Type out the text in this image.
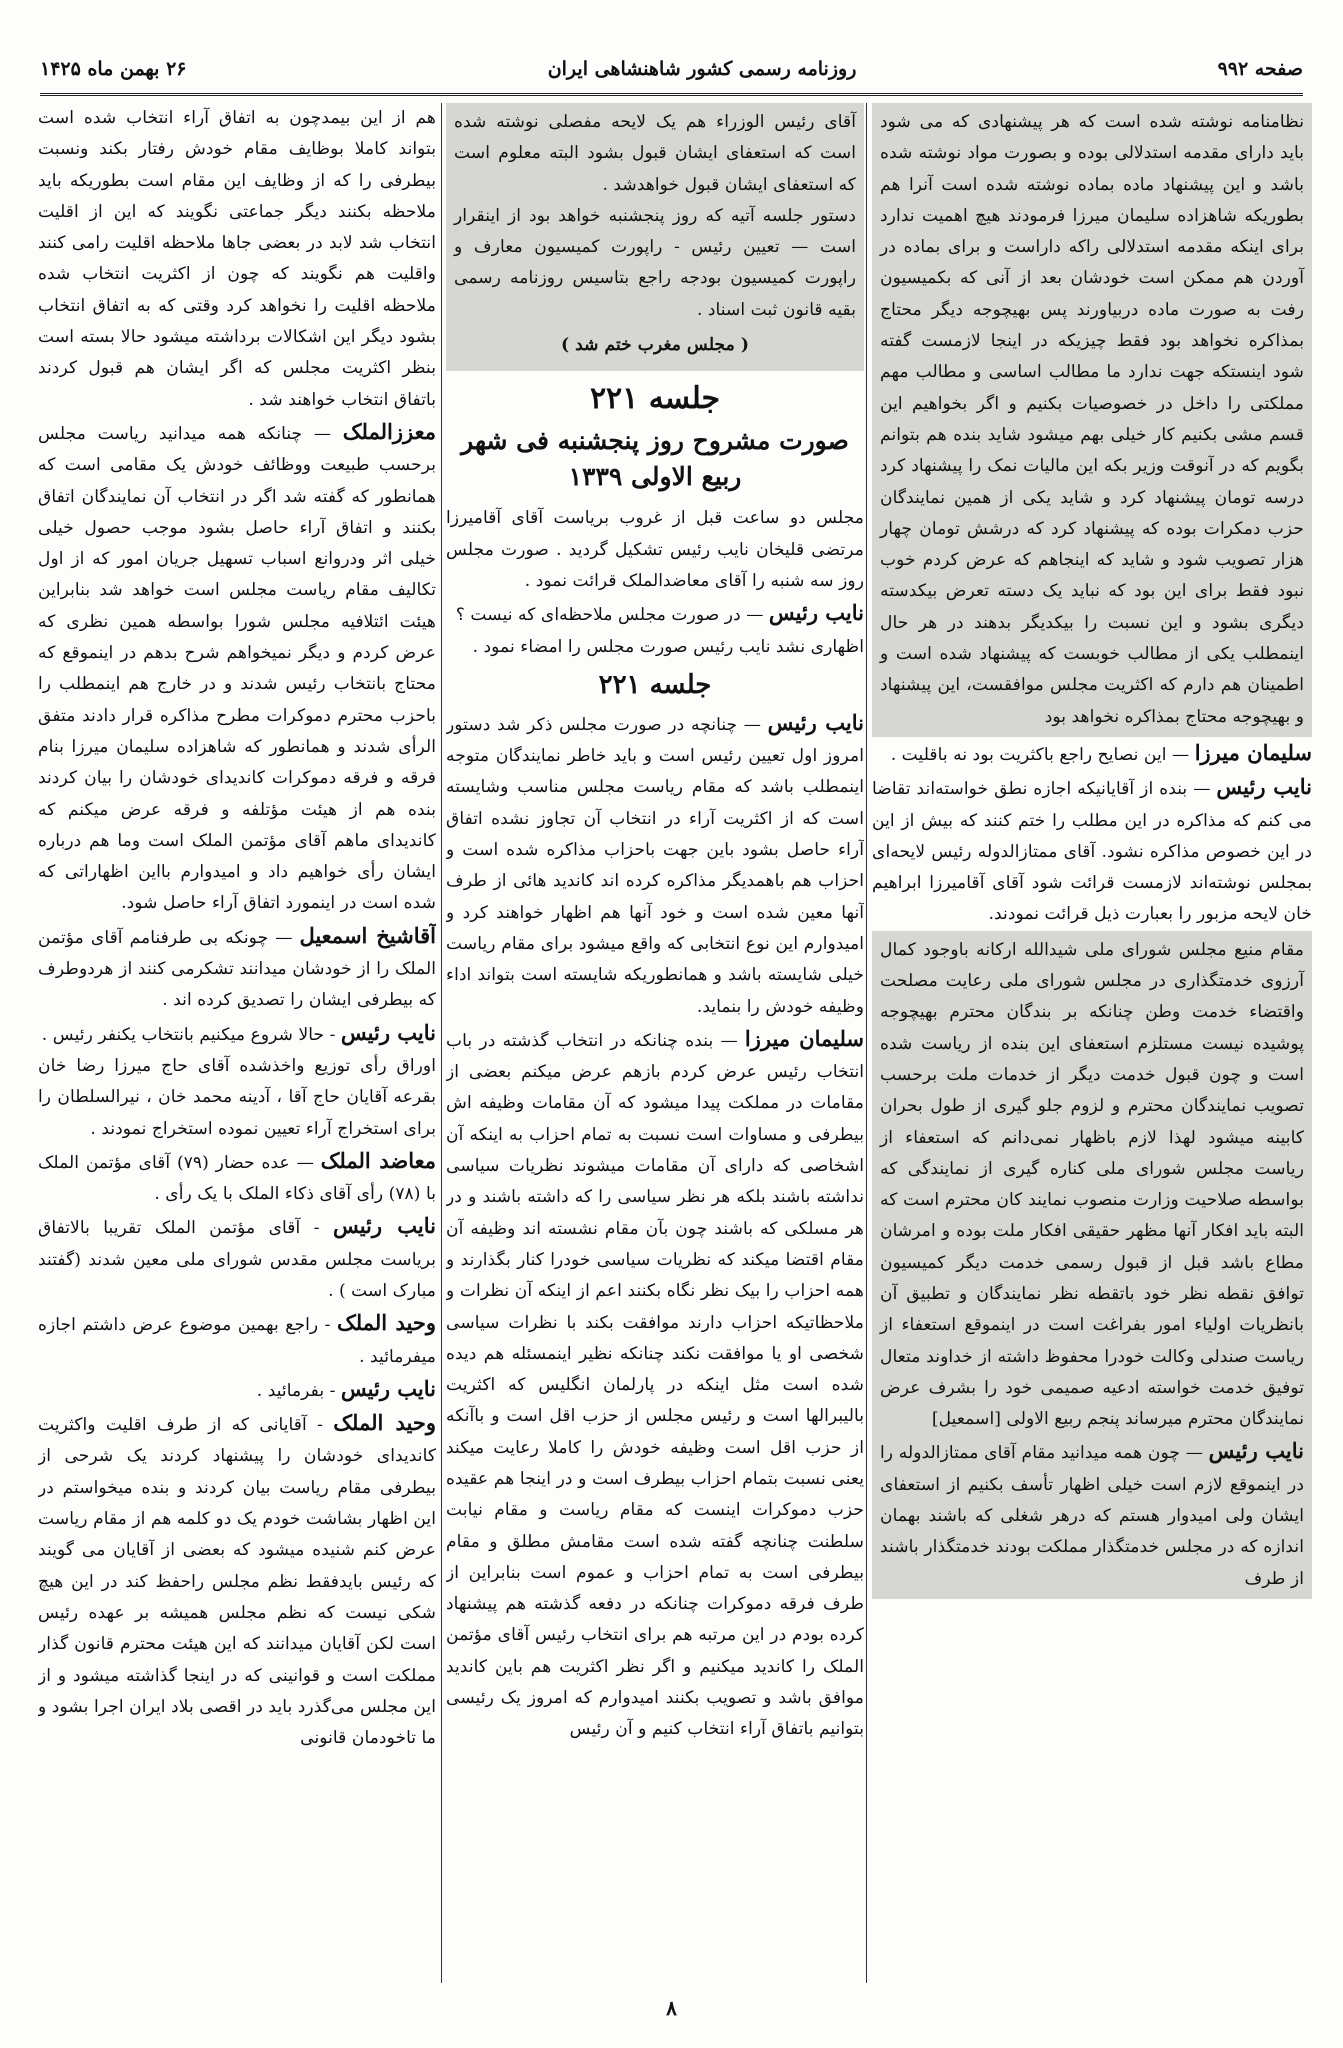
صفحه ۹۹۲
روزنامه رسمی کشور شاهنشاهی ایران
۲۶ بهمن ماه ۱۴۲۵

نظامنامه نوشته شده است که هر پیشنهادی که می شود باید دارای مقدمه استدلالی بوده و بصورت مواد نوشته شده باشد و این پیشنهاد ماده بماده نوشته شده است آنرا هم بطوریکه شاهزاده سلیمان میرزا فرمودند هیچ اهمیت ندارد برای اینکه مقدمه استدلالی راکه داراست و برای بماده در آوردن هم ممکن است خودشان بعد از آنی که بکمیسیون رفت به صورت ماده دربیاورند پس بهیچوجه دیگر محتاج بمذاکره نخواهد بود فقط چیزیکه در اینجا لازمست گفته شود اینستکه جهت ندارد ما مطالب اساسی و مطالب مهم مملکتی را داخل در خصوصیات بکنیم و اگر بخواهیم این قسم مشی بکنیم کار خیلی بهم میشود شاید بنده هم بتوانم بگویم که در آنوقت وزیر بکه این مالیات نمک را پیشنهاد کرد درسه تومان پیشنهاد کرد و شاید یکی از همین نمایندگان حزب دمکرات بوده که پیشنهاد کرد که درشش تومان چهار هزار تصویب شود و شاید که اینجاهم که عرض کردم خوب نبود فقط برای این بود که نباید یک دسته تعرض بیکدسته دیگری بشود و این نسبت را بیکدیگر بدهند در هر حال اینمطلب یکی از مطالب خوبست که پیشنهاد شده است و اطمینان هم دارم که اکثریت مجلس موافقست، این پیشنهاد و بهیچوجه محتاج بمذاکره نخواهد بود

سلیمان میرزا — این نصایح راجع باکثریت بود نه باقلیت .

نایب رئیس — بنده از آقایانیکه اجازه نطق خواسته‌اند تقاضا می کنم که مذاکره در این مطلب را ختم کنند که بیش از این در این خصوص مذاکره نشود. آقای ممتازالدوله رئیس لایحه‌ای بمجلس نوشته‌اند لازمست قرائت شود آقای آقامیرزا ابراهیم خان لایحه مزبور را بعبارت ذیل قرائت نمودند.

مقام منیع مجلس شورای ملی شیدالله ارکانه باوجود کمال آرزوی خدمتگذاری در مجلس شورای ملی رعایت مصلحت واقتضاء خدمت وطن چنانکه بر بندگان محترم بهیچوجه پوشیده نیست مستلزم استعفای این بنده از ریاست شده است و چون قبول خدمت دیگر از خدمات ملت برحسب تصویب نمایندگان محترم و لزوم جلو گیری از طول بحران کابینه میشود لهذا لازم باظهار نمی‌دانم که استعفاء از ریاست مجلس شورای ملی کناره گیری از نمایندگی که بواسطه صلاحیت وزارت منصوب نمایند کان محترم است که البته باید افکار آنها مظهر حقیقی افکار ملت بوده و امرشان مطاع باشد قبل از قبول رسمی خدمت دیگر کمیسیون توافق نقطه نظر خود باتقطه نظر نمایندگان و تطبیق آن بانظریات اولیاء امور بفراغت است در اینموقع استعفاء از ریاست صندلی وکالت خودرا محفوظ داشته از خداوند متعال توفیق خدمت خواسته ادعیه صمیمی خود را بشرف عرض نمایندگان محترم میرساند پنجم ربیع الاولی [اسمعیل]

نایب رئیس — چون همه میدانید مقام آقای ممتازالدوله را در اینموقع لازم است خیلی اظهار تأسف بکنیم از استعفای ایشان ولی امیدوار هستم که درهر شغلی که باشند بهمان اندازه که در مجلس خدمتگذار مملکت بودند خدمتگذار باشند از طرف

آقای رئیس الوزراء هم یک لایحه مفصلی نوشته شده است که استعفای ایشان قبول بشود البته معلوم است که استعفای ایشان قبول خواهدشد .

دستور جلسه آتیه که روز پنجشنبه خواهد بود از اینقرار است — تعیین رئیس - راپورت کمیسیون معارف و راپورت کمیسیون بودجه راجع بتاسیس روزنامه رسمی بقیه قانون ثبت اسناد .

( مجلس مغرب ختم شد )

جلسه ۲۲۱

صورت مشروح روز پنجشنبه فی شهر ربیع الاولی ۱۳۳۹

مجلس دو ساعت قبل از غروب بریاست آقای آقامیرزا مرتضی قلیخان نایب رئیس تشکیل گردید . صورت مجلس روز سه شنبه را آقای معاضدالملک قرائت نمود .

نایب رئیس — در صورت مجلس ملاحظه‌ای که نیست ؟

اظهاری نشد نایب رئیس صورت مجلس را امضاء نمود .

جلسه ۲۲۱

نایب رئیس — چنانچه در صورت مجلس ذکر شد دستور امروز اول تعیین رئیس است و باید خاطر نمایندگان متوجه اینمطلب باشد که مقام ریاست مجلس مناسب وشایسته است که از اکثریت آراء در انتخاب آن تجاوز نشده اتفاق آراء حاصل بشود باین جهت باحزاب مذاکره شده است و احزاب هم باهمدیگر مذاکره کرده اند کاندید هائی از طرف آنها معین شده است و خود آنها هم اظهار خواهند کرد و امیدوارم این نوع انتخابی که واقع میشود برای مقام ریاست خیلی شایسته باشد و همانطوریکه شایسته است بتواند اداء وظیفه خودش را بنماید.

سلیمان میرزا — بنده چنانکه در انتخاب گذشته در باب انتخاب رئیس عرض کردم بازهم عرض میکنم بعضی از مقامات در مملکت پیدا میشود که آن مقامات وظیفه اش بیطرفی و مساوات است نسبت به تمام احزاب به اینکه آن اشخاصی که دارای آن مقامات میشوند نظریات سیاسی نداشته باشند بلکه هر نظر سیاسی را که داشته باشند و در هر مسلکی که باشند چون بآن مقام نشسته اند وظیفه آن مقام اقتضا میکند که نظریات سیاسی خودرا کنار بگذارند و همه احزاب را بیک نظر نگاه بکنند اعم از اینکه آن نظرات و ملاحظاتیکه احزاب دارند موافقت بکند با نظرات سیاسی شخصی او یا موافقت نکند چنانکه نظیر اینمسئله هم دیده شده است مثل اینکه در پارلمان انگلیس که اکثریت بالیبرالها است و رئیس مجلس از حزب اقل است و باآنکه از حزب اقل است وظیفه خودش را کاملا رعایت میکند یعنی نسبت بتمام احزاب بیطرف است و در اینجا هم عقیده حزب دموکرات اینست که مقام ریاست و مقام نیابت سلطنت چنانچه گفته شده است مقامش مطلق و مقام بیطرفی است به تمام احزاب و عموم است بنابراین از طرف فرقه دموکرات چنانکه در دفعه گذشته هم پیشنهاد کرده بودم در این مرتبه هم برای انتخاب رئیس آقای مؤتمن الملک را کاندید میکنیم و اگر نظر اکثریت هم باین کاندید موافق باشد و تصویب بکنند امیدوارم که امروز یک رئیسی بتوانیم باتفاق آراء انتخاب کنیم و آن رئیس

هم از این بیمدچون به اتفاق آراء انتخاب شده است بتواند کاملا بوظایف مقام خودش رفتار بکند ونسبت بیطرفی را که از وظایف این مقام است بطوریکه باید ملاحظه بکنند دیگر جماعتی نگویند که این از اقلیت انتخاب شد لابد در بعضی جاها ملاحظه اقلیت رامی کنند واقلیت هم نگویند که چون از اکثریت انتخاب شده ملاحظه اقلیت را نخواهد کرد وقتی که به اتفاق انتخاب بشود دیگر این اشکالات برداشته میشود حالا بسته است بنظر اکثریت مجلس که اگر ایشان هم قبول کردند باتفاق انتخاب خواهند شد .

معززالملک — چنانکه همه میدانید ریاست مجلس برحسب طبیعت ووظائف خودش یک مقامی است که همانطور که گفته شد اگر در انتخاب آن نمایندگان اتفاق بکنند و اتفاق آراء حاصل بشود موجب حصول خیلی خیلی اثر ودروانع اسباب تسهیل جریان امور که از اول تکالیف مقام ریاست مجلس است خواهد شد بنابراین هیئت ائتلافیه مجلس شورا بواسطه همین نظری که عرض کردم و دیگر نمیخواهم شرح بدهم در اینموقع که محتاج بانتخاب رئیس شدند و در خارج هم اینمطلب را باحزب محترم دموکرات مطرح مذاکره قرار دادند متفق الرأی شدند و همانطور که شاهزاده سلیمان میرزا بنام فرقه و فرقه دموکرات کاندیدای خودشان را بیان کردند بنده هم از هیئت مؤتلفه و فرقه عرض میکنم که کاندیدای ماهم آقای مؤتمن الملک است وما هم درباره ایشان رأی خواهیم داد و امیدوارم بااین اظهاراتی که شده است در اینمورد اتفاق آراء حاصل شود.

آقاشیخ اسمعیل — چونکه بی طرفنامم آقای مؤتمن الملک را از خودشان میدانند تشکرمی کنند از هردوطرف که بیطرفی ایشان را تصدیق کرده اند .

نایب رئیس - حالا شروع میکنیم بانتخاب یکنفر رئیس .

اوراق رأی توزیع واخذشده آقای حاج میرزا رضا خان بقرعه آقایان حاج آقا ، آدینه محمد خان ، نیرالسلطان را برای استخراج آراء تعیین نموده استخراج نمودند .

معاضد الملک — عده حضار (۷۹) آقای مؤتمن الملک با (۷۸) رأی آقای ذکاء الملک با یک رأی .

نایب رئیس - آقای مؤتمن الملک تقریبا بالاتفاق بریاست مجلس مقدس شورای ملی معین شدند (گفتند مبارک است ) .

وحید الملک - راجع بهمین موضوع عرض داشتم اجازه میفرمائید .

نایب رئیس - بفرمائید .

وحید الملک - آقایانی که از طرف اقلیت واکثریت کاندیدای خودشان را پیشنهاد کردند یک شرحی از بیطرفی مقام ریاست بیان کردند و بنده میخواستم در این اظهار بشاشت خودم یک دو کلمه هم از مقام ریاست عرض کنم شنیده میشود که بعضی از آقایان می گویند که رئیس بایدفقط نظم مجلس راحفظ کند در این هیچ شکی نیست که نظم مجلس همیشه بر عهده رئیس است لکن آقایان میدانند که این هیئت محترم قانون گذار مملکت است و قوانینی که در اینجا گذاشته میشود و از این مجلس می‌گذرد باید در اقصی بلاد ایران اجرا بشود و ما تاخودمان قانونی

۸
